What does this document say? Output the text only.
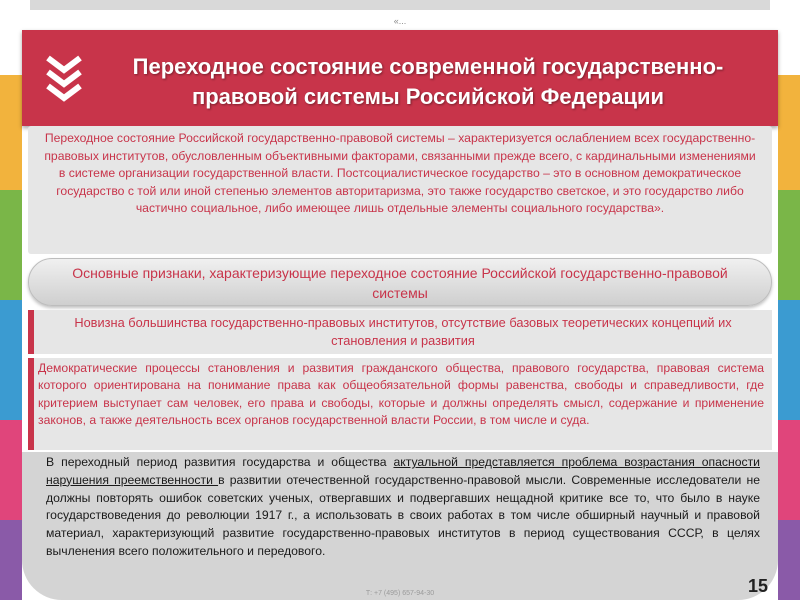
«...
Переходное состояние современной государственно-правовой системы Российской Федерации
Переходное состояние Российской государственно-правовой системы – характеризуется ослаблением всех государственно-правовых институтов, обусловленным объективными факторами, связанными прежде всего, с кардинальными изменениями в системе организации государственной власти. Постсоциалистическое государство – это в основном демократическое государство с той или иной степенью элементов авторитаризма, это также государство светское, и это государство либо частично социальное, либо имеющее лишь отдельные элементы социального государства».
Основные признаки, характеризующие переходное состояние Российской государственно-правовой системы
Новизна большинства государственно-правовых институтов, отсутствие базовых теоретических концепций их становления и развития
Демократические процессы становления и развития гражданского общества, правового государства, правовая система которого ориентирована на понимание права как общеобязательной формы равенства, свободы и справедливости, где критерием выступает сам человек, его права и свободы, которые и должны определять смысл, содержание и применение законов, а также деятельность всех органов государственной власти России, в том числе и суда.
В переходный период развития государства и общества актуальной представляется проблема возрастания опасности нарушения преемственности в развитии отечественной государственно-правовой мысли. Современные исследователи не должны повторять ошибок советских ученых, отвергавших и подвергавших нещадной критике все то, что было в науке государствоведения до революции 1917 г., а использовать в своих работах в том числе обширный научный и правовой материал, характеризующий развитие государственно-правовых институтов в период существования СССР, в целях вычленения всего положительного и передового.
15
Т: +7 (495) 657-94-30
